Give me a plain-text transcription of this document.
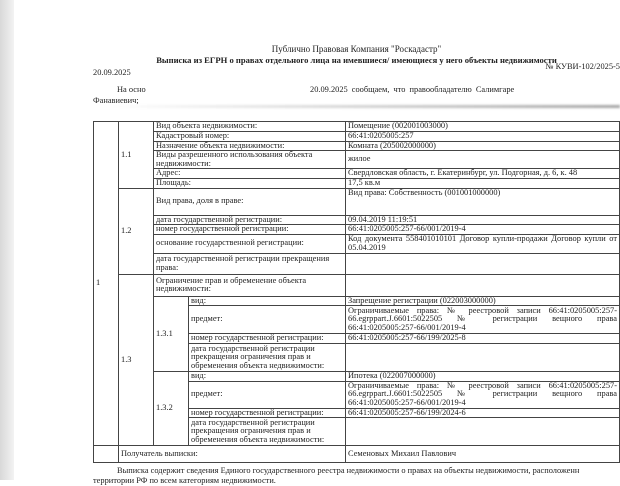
Публично Правовая Компания "Роскадастр"
Выписка из ЕГРН о правах отдельного лица на имевшиеся/ имеющиеся у него объекты недвижимости
20.09.2025
№ КУВИ-102/2025-5
На осно	20.09.2025 сообщаем, что правообладателю Салимгаре
Фанавиевич;
1	1.1	Вид объекта недвижимости:		Помещение (002001003000)
		Кадастровый номер:		66:41:0205005:257
		Назначение объекта недвижимости:		Комната (205002000000)
		Виды разрешенного использования объекта недвижимости:		жилое
		Адрес:		Свердловская область, г. Екатеринбург, ул. Подгорная, д. 6, к. 48
		Площадь:		17,5 кв.м
	1.2	Вид права, доля в праве:		Вид права: Собственность (001001000000)
		дата государственной регистрации:		09.04.2019 11:19:51
		номер государственной регистрации:		66:41:0205005:257-66/001/2019-4
		основание государственной регистрации:		Код документа 558401010101 Договор купли-продажи Договор купли от 05.04.2019
		дата государственной регистрации прекращения права:		
	1.3	Ограничение прав и обременение объекта недвижимости:		
		1.3.1	вид:	Запрещение регистрации (022003000000)
			предмет:	Ограничиваемые права: № реестровой записи 66:41:0205005:257-66.egrppart.J.6601:5022505 № регистрации вещного права 66:41:0205005:257-66/001/2019-4
			номер государственной регистрации:	66:41:0205005:257-66/199/2025-8
			дата государственной регистрации прекращения ограничения прав и обременения объекта недвижимости:	
		1.3.2	вид:	Ипотека (022007000000)
			предмет:	Ограничиваемые права: № реестровой записи 66:41:0205005:257-66.egrppart.J.6601:5022505 № регистрации вещного права 66:41:0205005:257-66/001/2019-4
			номер государственной регистрации:	66:41:0205005:257-66/199/2024-6
			дата государственной регистрации прекращения ограничения прав и обременения объекта недвижимости:	
	Получатель выписки:			Семеновых Михаил Павлович
Выписка содержит сведения Единого государственного реестра недвижимости о правах на объекты недвижимости, расположенн
территории РФ по всем категориям недвижимости.
